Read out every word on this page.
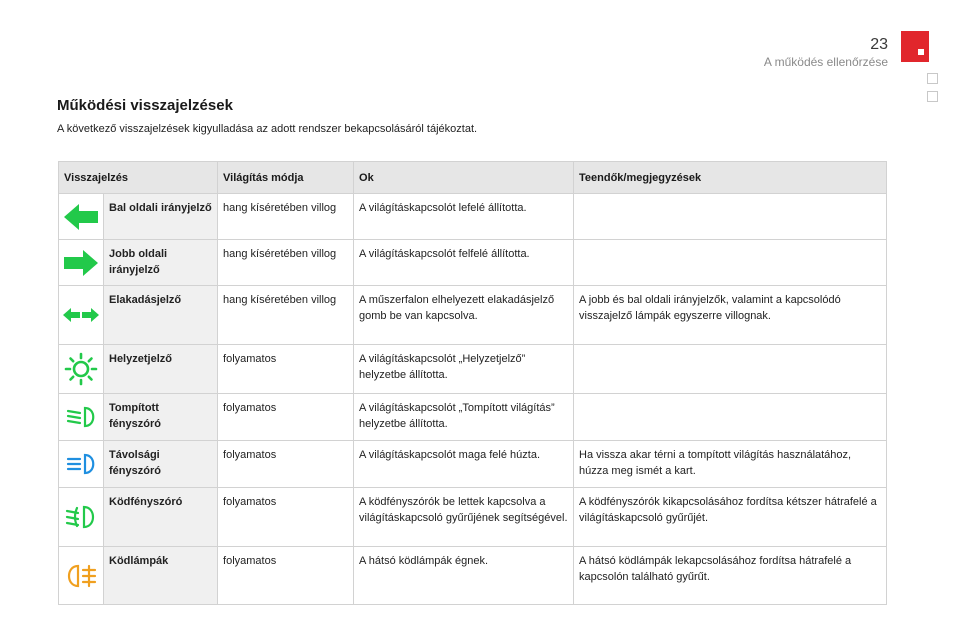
23
A működés ellenőrzése
Működési visszajelzések

A következő visszajelzések kigyulladása az adott rendszer bekapcsolásáról tájékoztat.

Visszajelzés		Világítás módja	Ok	Teendők/megjegyzések
	Bal oldali irányjelző	hang kíséretében villog	A világításkapcsolót lefelé állította.	
	Jobb oldali irányjelző	hang kíséretében villog	A világításkapcsolót felfelé állította.	
	Elakadásjelző	hang kíséretében villog	A műszerfalon elhelyezett elakadásjelző gomb be van kapcsolva.	A jobb és bal oldali irányjelzők, valamint a kapcsolódó visszajelző lámpák egyszerre villognak.
	Helyzetjelző	folyamatos	A világításkapcsolót „Helyzetjelző” helyzetbe állította.	
	Tompított fényszóró	folyamatos	A világításkapcsolót „Tompított világítás” helyzetbe állította.	
	Távolsági fényszóró	folyamatos	A világításkapcsolót maga felé húzta.	Ha vissza akar térni a tompított világítás használatához, húzza meg ismét a kart.
	Ködfényszóró	folyamatos	A ködfényszórók be lettek kapcsolva a világításkapcsoló gyűrűjének segítségével.	A ködfényszórók kikapcsolásához fordítsa kétszer hátrafelé a világításkapcsoló gyűrűjét.
	Ködlámpák	folyamatos	A hátsó ködlámpák égnek.	A hátsó ködlámpák lekapcsolásához fordítsa hátrafelé a kapcsolón található gyűrűt.
